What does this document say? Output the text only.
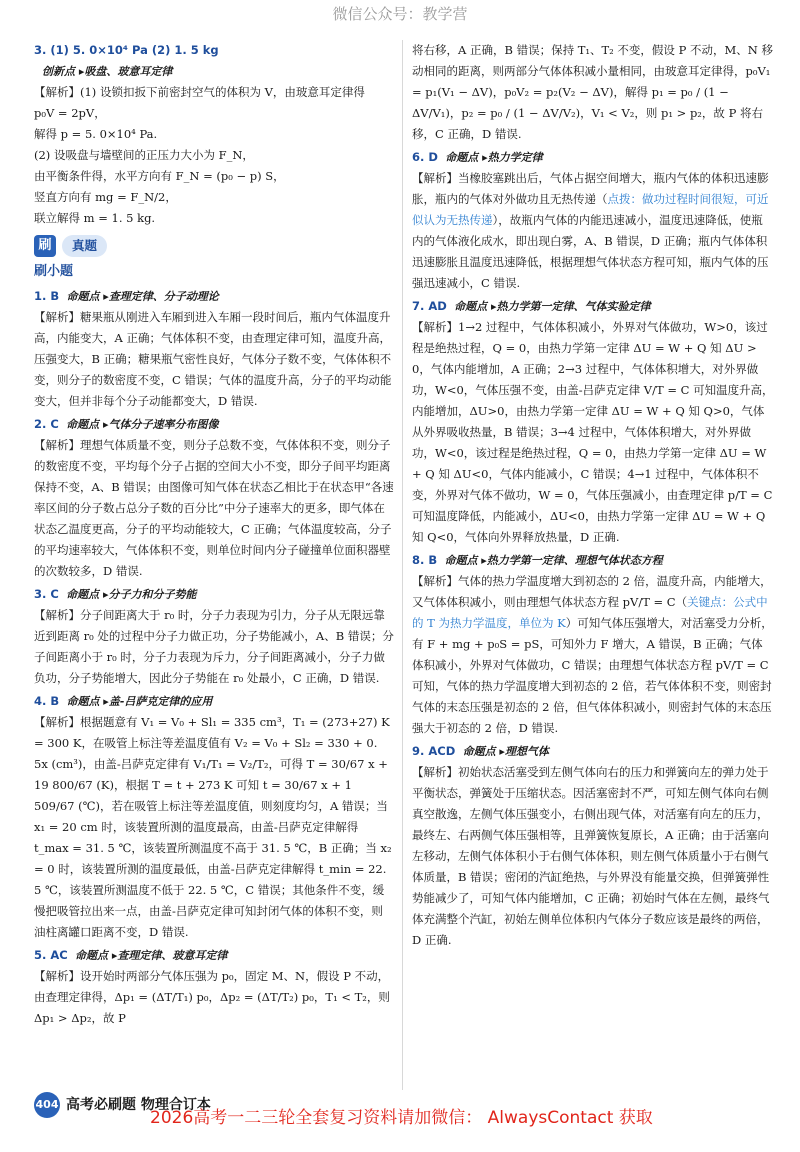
微信公众号：教学营

3. (1) 5. 0×10⁴ Pa (2) 1. 5 kg

创新点 ▸吸盘、玻意耳定律

【解析】(1) 设锁扣扳下前密封空气的体积为 V，由玻意耳定律得

p₀V = 2pV，

解得 p = 5. 0×10⁴ Pa.

(2) 设吸盘与墙壁间的正压力大小为 F_N，

由平衡条件得，水平方向有 F_N = (p₀ − p) S，

竖直方向有 mg = F_N/2，

联立解得 m = 1. 5 kg.

刷	真题

刷小题

1. B 命题点 ▸查理定律、分子动理论

【解析】糖果瓶从刚进入车厢到进入车厢一段时间后，瓶内气体温度升高，内能变大，A 正确；气体体积不变，由查理定律可知，温度升高，压强变大，B 正确；糖果瓶气密性良好，气体分子数不变，气体体积不变，则分子的数密度不变，C 错误；气体的温度升高，分子的平均动能变大，但并非每个分子动能都变大，D 错误.

2. C 命题点 ▸气体分子速率分布图像

【解析】理想气体质量不变，则分子总数不变，气体体积不变，则分子的数密度不变，平均每个分子占据的空间大小不变，即分子间平均距离保持不变，A、B 错误；由图像可知气体在状态乙相比于在状态甲“各速率区间的分子数占总分子数的百分比”中分子速率大的更多，即气体在状态乙温度更高，分子的平均动能较大，C 正确；气体温度较高，分子的平均速率较大，气体体积不变，则单位时间内分子碰撞单位面积器壁的次数较多，D 错误.

3. C 命题点 ▸分子力和分子势能

【解析】分子间距离大于 r₀ 时，分子力表现为引力，分子从无限远靠近到距离 r₀ 处的过程中分子力做正功，分子势能减小，A、B 错误；分子间距离小于 r₀ 时，分子力表现为斥力，分子间距离减小，分子力做负功，分子势能增大，因此分子势能在 r₀ 处最小，C 正确，D 错误.

4. B 命题点 ▸盖-吕萨克定律的应用

【解析】根据题意有 V₁ = V₀ + Sl₁ = 335 cm³，T₁ = (273+27) K = 300 K，在吸管上标注等差温度值有 V₂ = V₀ + Sl₂ = 330 + 0. 5x (cm³)，由盖-吕萨克定律有 V₁/T₁ = V₂/T₂，可得 T = 30/67 x + 19 800/67 (K)，根据 T = t + 273 K 可知 t = 30/67 x + 1 509/67 (℃)，若在吸管上标注等差温度值，则刻度均匀，A 错误；当 x₁ = 20 cm 时，该装置所测的温度最高，由盖-吕萨克定律解得 t_max = 31. 5 ℃，该装置所测温度不高于 31. 5 ℃，B 正确；当 x₂ = 0 时，该装置所测的温度最低，由盖-吕萨克定律解得 t_min = 22. 5 ℃，该装置所测温度不低于 22. 5 ℃，C 错误；其他条件不变，缓慢把吸管拉出来一点，由盖-吕萨克定律可知封闭气体的体积不变，则油柱离罐口距离不变，D 错误.

5. AC 命题点 ▸查理定律、玻意耳定律

【解析】设开始时两部分气体压强为 p₀，固定 M、N，假设 P 不动，由查理定律得，Δp₁ = (ΔT/T₁) p₀，Δp₂ = (ΔT/T₂) p₀，T₁ < T₂，则 Δp₁ > Δp₂，故 P

将右移，A 正确，B 错误；保持 T₁、T₂ 不变，假设 P 不动，M、N 移动相同的距离，则两部分气体体积减小量相同，由玻意耳定律得，p₀V₁ = p₁(V₁ − ΔV)，p₀V₂ = p₂(V₂ − ΔV)，解得 p₁ = p₀ / (1 − ΔV/V₁)，p₂ = p₀ / (1 − ΔV/V₂)，V₁ < V₂，则 p₁ > p₂，故 P 将右移，C 正确，D 错误.

6. D 命题点 ▸热力学定律

【解析】当橡胶塞跳出后，气体占据空间增大，瓶内气体的体积迅速膨胀，瓶内的气体对外做功且无热传递（点拨：做功过程时间很短，可近似认为无热传递），故瓶内气体的内能迅速减小，温度迅速降低，使瓶内的气体液化成水，即出现白雾，A、B 错误，D 正确；瓶内气体体积迅速膨胀且温度迅速降低，根据理想气体状态方程可知，瓶内气体的压强迅速减小，C 错误.

7. AD 命题点 ▸热力学第一定律、气体实验定律

【解析】1→2 过程中，气体体积减小，外界对气体做功，W>0，该过程是绝热过程，Q = 0，由热力学第一定律 ΔU = W + Q 知 ΔU > 0，气体内能增加，A 正确；2→3 过程中，气体体积增大，对外界做功，W<0，气体压强不变，由盖-吕萨克定律 V/T = C 可知温度升高，内能增加，ΔU>0，由热力学第一定律 ΔU = W + Q 知 Q>0，气体从外界吸收热量，B 错误；3→4 过程中，气体体积增大，对外界做功，W<0，该过程是绝热过程，Q = 0，由热力学第一定律 ΔU = W + Q 知 ΔU<0，气体内能减小，C 错误；4→1 过程中，气体体积不变，外界对气体不做功，W = 0，气体压强减小，由查理定律 p/T = C 可知温度降低，内能减小，ΔU<0，由热力学第一定律 ΔU = W + Q 知 Q<0，气体向外界释放热量，D 正确.

8. B 命题点 ▸热力学第一定律、理想气体状态方程

【解析】气体的热力学温度增大到初态的 2 倍，温度升高，内能增大，又气体体积减小，则由理想气体状态方程 pV/T = C（关键点：公式中的 T 为热力学温度，单位为 K）可知气体压强增大，对活塞受力分析，有 F + mg + p₀S = pS，可知外力 F 增大，A 错误，B 正确；气体体积减小，外界对气体做功，C 错误；由理想气体状态方程 pV/T = C 可知，气体的热力学温度增大到初态的 2 倍，若气体体积不变，则密封气体的末态压强是初态的 2 倍，但气体体积减小，则密封气体的末态压强大于初态的 2 倍，D 错误.

9. ACD 命题点 ▸理想气体

【解析】初始状态活塞受到左侧气体向右的压力和弹簧向左的弹力处于平衡状态，弹簧处于压缩状态。因活塞密封不严，可知左侧气体向右侧真空散逸，左侧气体压强变小，右侧出现气体，对活塞有向左的压力，最终左、右两侧气体压强相等，且弹簧恢复原长，A 正确；由于活塞向左移动，左侧气体体积小于右侧气体体积，则左侧气体质量小于右侧气体质量，B 错误；密闭的汽缸绝热，与外界没有能量交换，但弹簧弹性势能减少了，可知气体内能增加，C 正确；初始时气体在左侧，最终气体充满整个汽缸，初始左侧单位体积内气体分子数应该是最终的两倍，D 正确.

404 高考必刷题 物理合订本
2026高考一二三轮全套复习资料请加微信： AlwaysContact 获取
